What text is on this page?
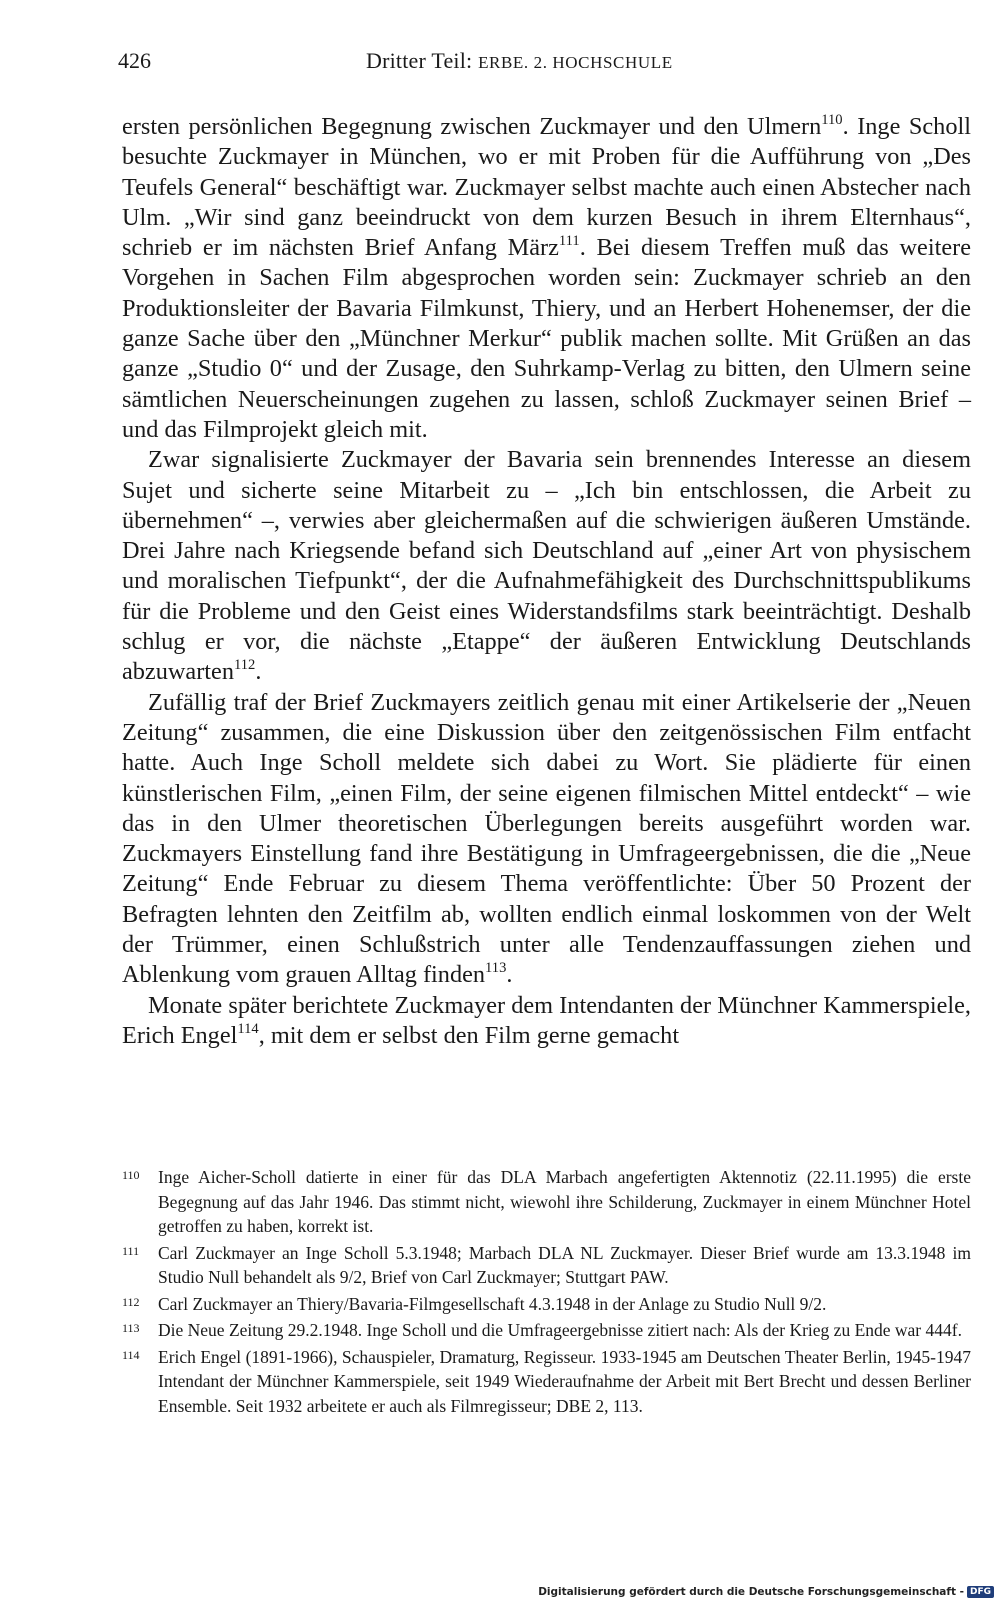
426	Dritter Teil: ERBE. 2. HOCHSCHULE

ersten persönlichen Begegnung zwischen Zuckmayer und den Ulmern$^{110}$. Inge Scholl besuchte Zuckmayer in München, wo er mit Proben für die Aufführung von „Des Teufels General“ beschäftigt war. Zuckmayer selbst machte auch einen Abstecher nach Ulm. „Wir sind ganz beeindruckt von dem kurzen Besuch in ihrem Elternhaus“, schrieb er im nächsten Brief Anfang März$^{111}$. Bei diesem Treffen muß das weitere Vorgehen in Sachen Film abgesprochen worden sein: Zuckmayer schrieb an den Produktionsleiter der Bavaria Filmkunst, Thiery, und an Herbert Hohenemser, der die ganze Sache über den „Münchner Merkur“ publik machen sollte. Mit Grüßen an das ganze „Studio 0“ und der Zusage, den Suhrkamp-Verlag zu bitten, den Ulmern seine sämtlichen Neuerscheinungen zugehen zu lassen, schloß Zuckmayer seinen Brief – und das Filmprojekt gleich mit.

Zwar signalisierte Zuckmayer der Bavaria sein brennendes Interesse an diesem Sujet und sicherte seine Mitarbeit zu – „Ich bin entschlossen, die Arbeit zu übernehmen“ –, verwies aber gleichermaßen auf die schwierigen äußeren Umstände. Drei Jahre nach Kriegsende befand sich Deutschland auf „einer Art von physischem und moralischen Tiefpunkt“, der die Aufnahmefähigkeit des Durchschnittspublikums für die Probleme und den Geist eines Widerstandsfilms stark beeinträchtigt. Deshalb schlug er vor, die nächste „Etappe“ der äußeren Entwicklung Deutschlands abzuwarten$^{112}$.

Zufällig traf der Brief Zuckmayers zeitlich genau mit einer Artikelserie der „Neuen Zeitung“ zusammen, die eine Diskussion über den zeitgenössischen Film entfacht hatte. Auch Inge Scholl meldete sich dabei zu Wort. Sie plädierte für einen künstlerischen Film, „einen Film, der seine eigenen filmischen Mittel entdeckt“ – wie das in den Ulmer theoretischen Überlegungen bereits ausgeführt worden war. Zuckmayers Einstellung fand ihre Bestätigung in Umfrageergebnissen, die die „Neue Zeitung“ Ende Februar zu diesem Thema veröffentlichte: Über 50 Prozent der Befragten lehnten den Zeitfilm ab, wollten endlich einmal loskommen von der Welt der Trümmer, einen Schlußstrich unter alle Tendenzauffassungen ziehen und Ablenkung vom grauen Alltag finden$^{113}$.

Monate später berichtete Zuckmayer dem Intendanten der Münchner Kammerspiele, Erich Engel$^{114}$, mit dem er selbst den Film gerne gemacht

110	Inge Aicher-Scholl datierte in einer für das DLA Marbach angefertigten Aktennotiz (22.11.1995) die erste Begegnung auf das Jahr 1946. Das stimmt nicht, wiewohl ihre Schilderung, Zuckmayer in einem Münchner Hotel getroffen zu haben, korrekt ist.
111	Carl Zuckmayer an Inge Scholl 5.3.1948; Marbach DLA NL Zuckmayer. Dieser Brief wurde am 13.3.1948 im Studio Null behandelt als 9/2, Brief von Carl Zuckmayer; Stuttgart PAW.
112	Carl Zuckmayer an Thiery/Bavaria-Filmgesellschaft 4.3.1948 in der Anlage zu Studio Null 9/2.
113	Die Neue Zeitung 29.2.1948. Inge Scholl und die Umfrageergebnisse zitiert nach: Als der Krieg zu Ende war 444f.
114	Erich Engel (1891-1966), Schauspieler, Dramaturg, Regisseur. 1933-1945 am Deutschen Theater Berlin, 1945-1947 Intendant der Münchner Kammerspiele, seit 1949 Wiederaufnahme der Arbeit mit Bert Brecht und dessen Berliner Ensemble. Seit 1932 arbeitete er auch als Filmregisseur; DBE 2, 113.
Digitalisierung gefördert durch die Deutsche Forschungsgemeinschaft - DFG
